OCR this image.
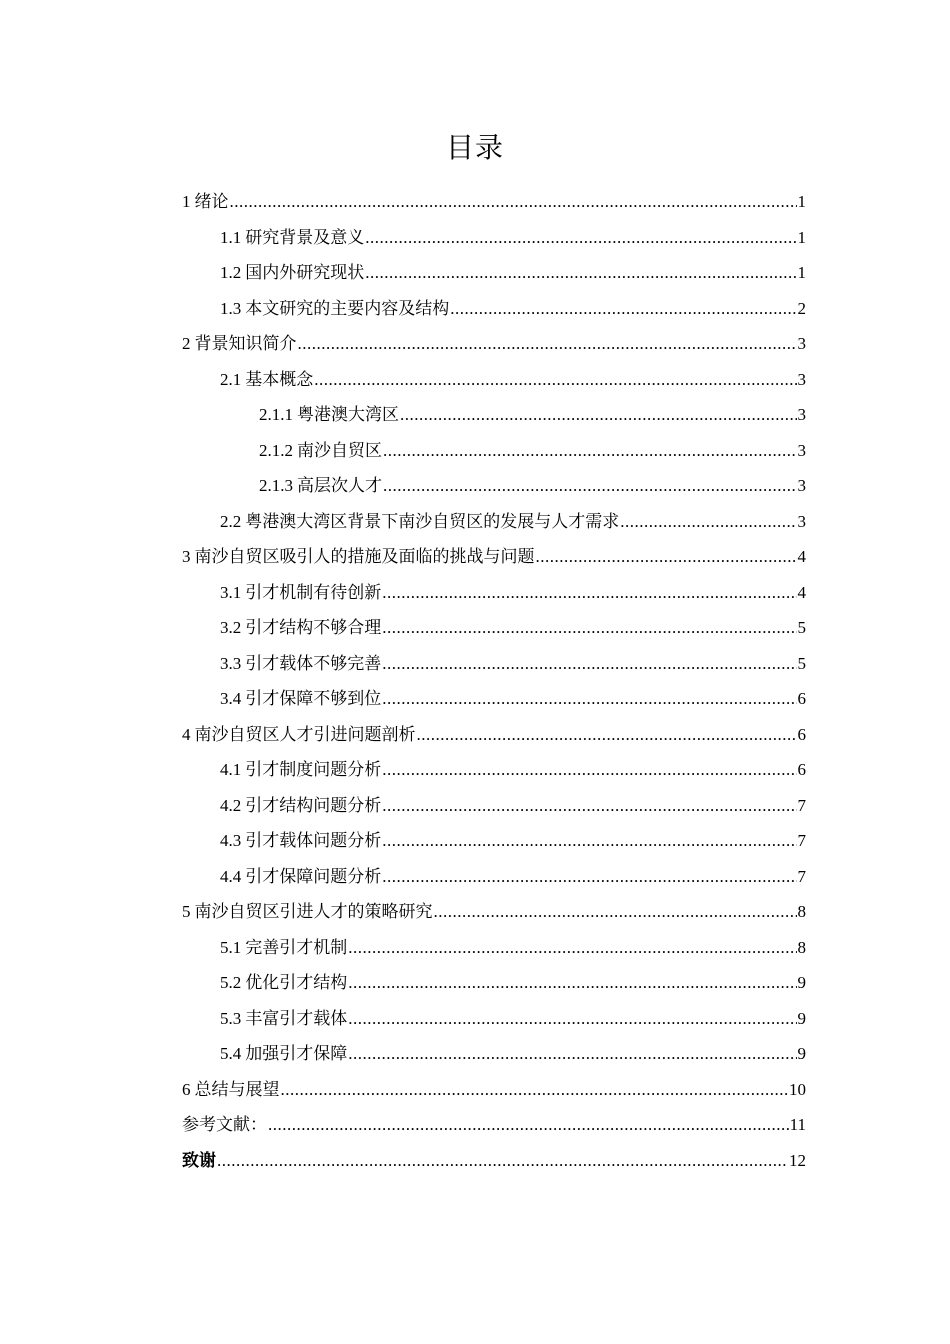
目录
1 绪论 .....	1
1.1 研究背景及意义 .....	1
1.2 国内外研究现状 .....	1
1.3 本文研究的主要内容及结构 .....	2
2 背景知识简介 .....	3
2.1 基本概念 .....	3
2.1.1 粤港澳大湾区 .....	3
2.1.2 南沙自贸区 .....	3
2.1.3 高层次人才 .....	3
2.2 粤港澳大湾区背景下南沙自贸区的发展与人才需求 .....	3
3 南沙自贸区吸引人的措施及面临的挑战与问题 .....	4
3.1 引才机制有待创新 .....	4
3.2 引才结构不够合理 .....	5
3.3 引才载体不够完善 .....	5
3.4 引才保障不够到位 .....	6
4 南沙自贸区人才引进问题剖析 .....	6
4.1 引才制度问题分析 .....	6
4.2 引才结构问题分析 .....	7
4.3 引才载体问题分析 .....	7
4.4 引才保障问题分析 .....	7
5 南沙自贸区引进人才的策略研究 .....	8
5.1 完善引才机制 .....	8
5.2 优化引才结构 .....	9
5.3 丰富引才载体 .....	9
5.4 加强引才保障 .....	9
6 总结与展望 .....	10
参考文献： .....	11
致谢 .....	12
